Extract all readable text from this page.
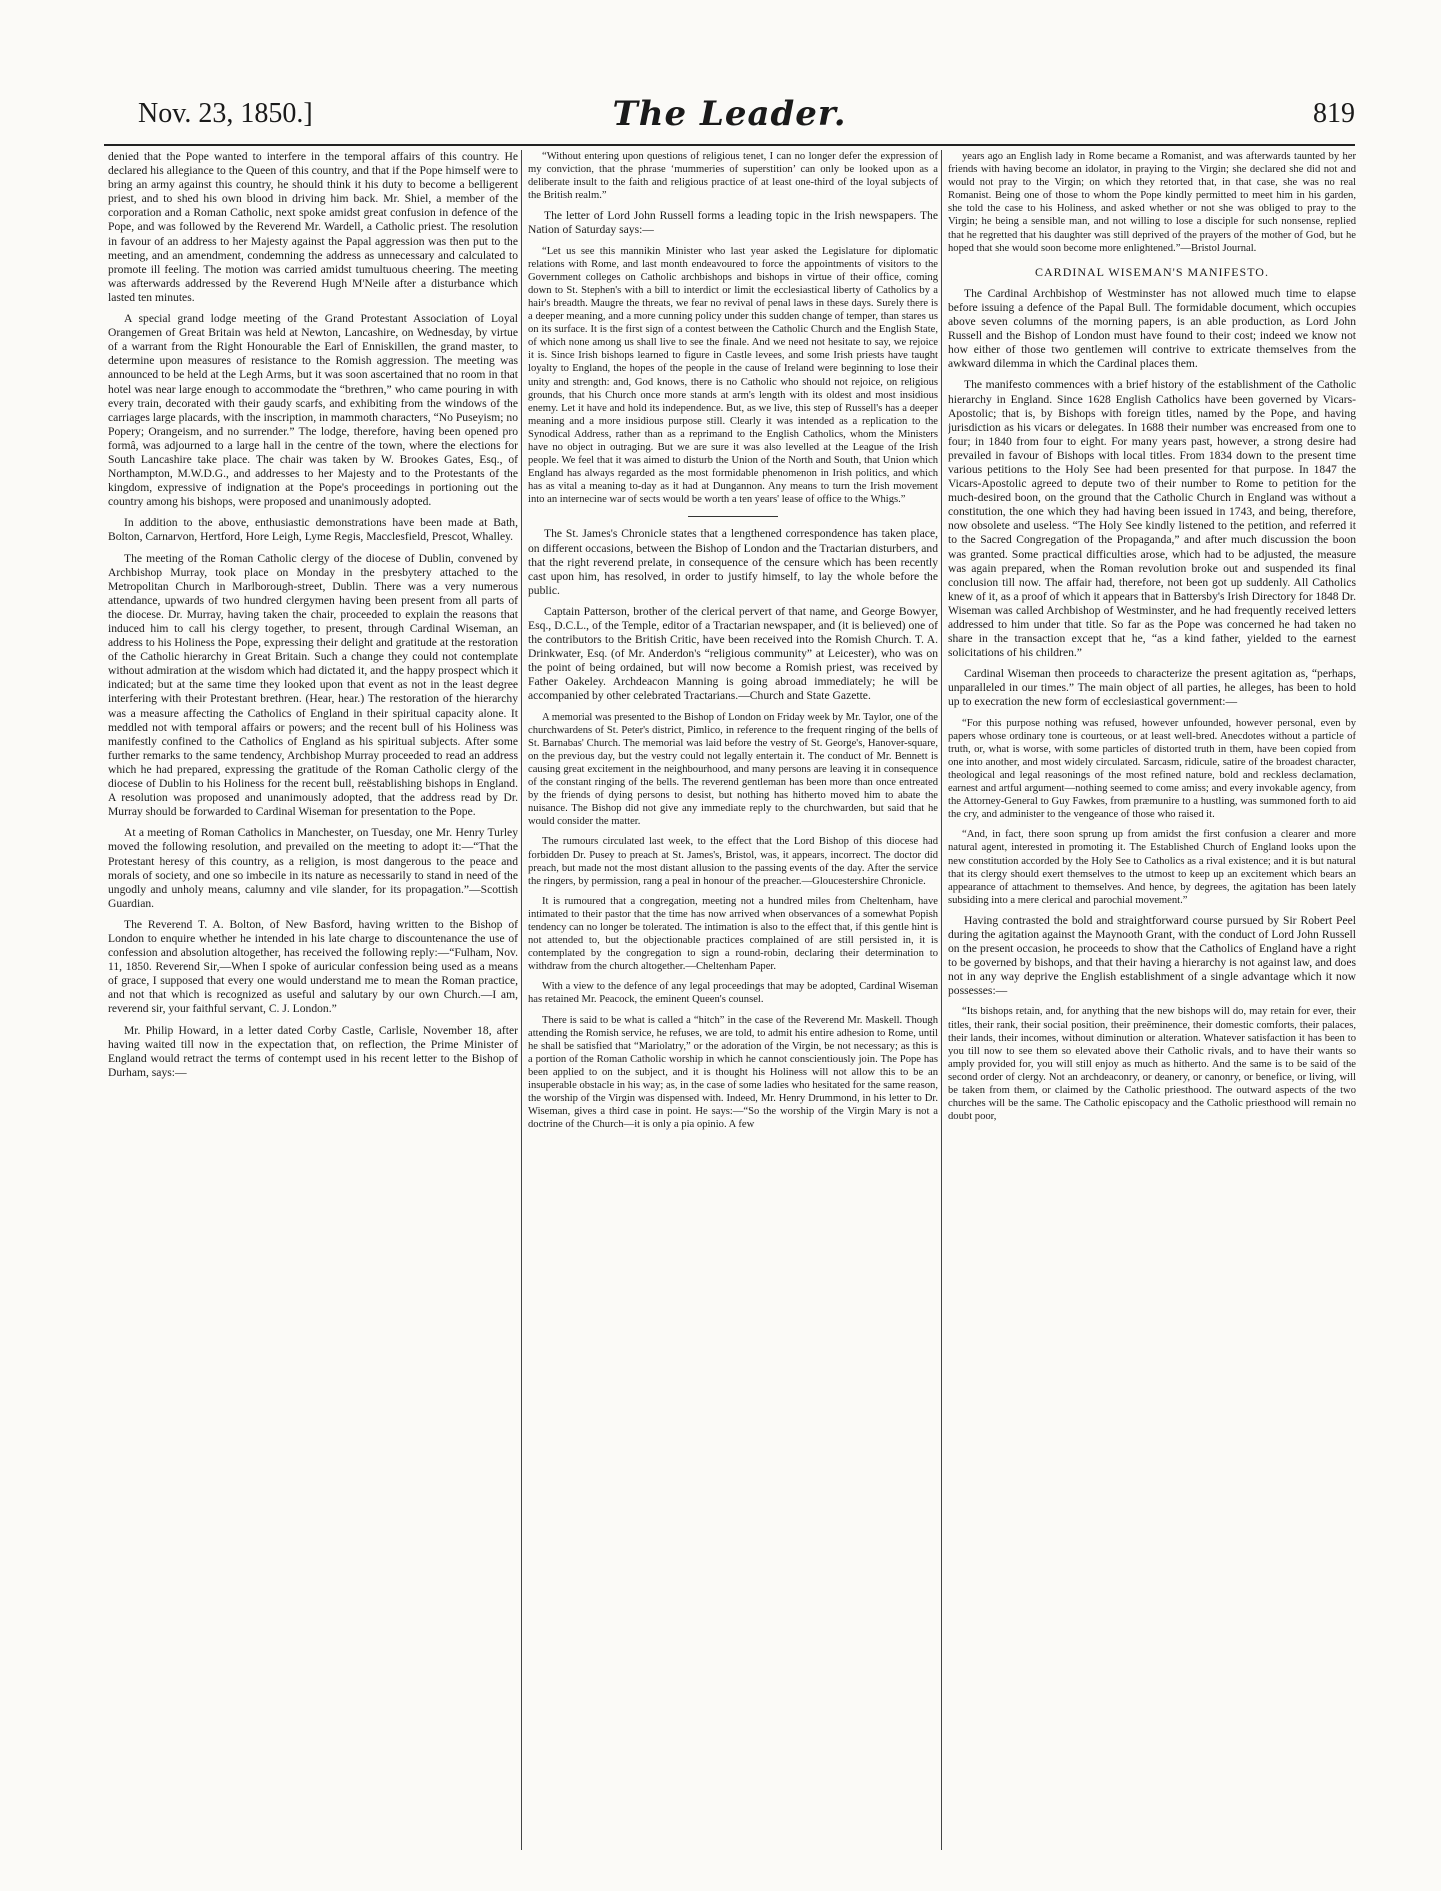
Nov. 23, 1850.]	The Leader.	819

denied that the Pope wanted to interfere in the temporal affairs of this country. He declared his allegiance to the Queen of this country, and that if the Pope himself were to bring an army against this country, he should think it his duty to become a belligerent priest, and to shed his own blood in driving him back. Mr. Shiel, a member of the corporation and a Roman Catholic, next spoke amidst great confusion in defence of the Pope, and was followed by the Reverend Mr. Wardell, a Catholic priest. The resolution in favour of an address to her Majesty against the Papal aggression was then put to the meeting, and an amendment, condemning the address as unnecessary and calculated to promote ill feeling. The motion was carried amidst tumultuous cheering. The meeting was afterwards addressed by the Reverend Hugh M'Neile after a disturbance which lasted ten minutes.

A special grand lodge meeting of the Grand Protestant Association of Loyal Orangemen of Great Britain was held at Newton, Lancashire, on Wednesday, by virtue of a warrant from the Right Honourable the Earl of Enniskillen, the grand master, to determine upon measures of resistance to the Romish aggression. The meeting was announced to be held at the Legh Arms, but it was soon ascertained that no room in that hotel was near large enough to accommodate the “brethren,” who came pouring in with every train, decorated with their gaudy scarfs, and exhibiting from the windows of the carriages large placards, with the inscription, in mammoth characters, “No Puseyism; no Popery; Orangeism, and no surrender.” The lodge, therefore, having been opened pro formâ, was adjourned to a large hall in the centre of the town, where the elections for South Lancashire take place. The chair was taken by W. Brookes Gates, Esq., of Northampton, M.W.D.G., and addresses to her Majesty and to the Protestants of the kingdom, expressive of indignation at the Pope's proceedings in portioning out the country among his bishops, were proposed and unanimously adopted.

In addition to the above, enthusiastic demonstrations have been made at Bath, Bolton, Carnarvon, Hertford, Hore Leigh, Lyme Regis, Macclesfield, Prescot, Whalley.

The meeting of the Roman Catholic clergy of the diocese of Dublin, convened by Archbishop Murray, took place on Monday in the presbytery attached to the Metropolitan Church in Marlborough-street, Dublin. There was a very numerous attendance, upwards of two hundred clergymen having been present from all parts of the diocese. Dr. Murray, having taken the chair, proceeded to explain the reasons that induced him to call his clergy together, to present, through Cardinal Wiseman, an address to his Holiness the Pope, expressing their delight and gratitude at the restoration of the Catholic hierarchy in Great Britain. Such a change they could not contemplate without admiration at the wisdom which had dictated it, and the happy prospect which it indicated; but at the same time they looked upon that event as not in the least degree interfering with their Protestant brethren. (Hear, hear.) The restoration of the hierarchy was a measure affecting the Catholics of England in their spiritual capacity alone. It meddled not with temporal affairs or powers; and the recent bull of his Holiness was manifestly confined to the Catholics of England as his spiritual subjects. After some further remarks to the same tendency, Archbishop Murray proceeded to read an address which he had prepared, expressing the gratitude of the Roman Catholic clergy of the diocese of Dublin to his Holiness for the recent bull, reëstablishing bishops in England. A resolution was proposed and unanimously adopted, that the address read by Dr. Murray should be forwarded to Cardinal Wiseman for presentation to the Pope.

At a meeting of Roman Catholics in Manchester, on Tuesday, one Mr. Henry Turley moved the following resolution, and prevailed on the meeting to adopt it:—“That the Protestant heresy of this country, as a religion, is most dangerous to the peace and morals of society, and one so imbecile in its nature as necessarily to stand in need of the ungodly and unholy means, calumny and vile slander, for its propagation.”—Scottish Guardian.

The Reverend T. A. Bolton, of New Basford, having written to the Bishop of London to enquire whether he intended in his late charge to discountenance the use of confession and absolution altogether, has received the following reply:—“Fulham, Nov. 11, 1850. Reverend Sir,—When I spoke of auricular confession being used as a means of grace, I supposed that every one would understand me to mean the Roman practice, and not that which is recognized as useful and salutary by our own Church.—I am, reverend sir, your faithful servant, C. J. London.”

Mr. Philip Howard, in a letter dated Corby Castle, Carlisle, November 18, after having waited till now in the expectation that, on reflection, the Prime Minister of England would retract the terms of contempt used in his recent letter to the Bishop of Durham, says:—

“Without entering upon questions of religious tenet, I can no longer defer the expression of my conviction, that the phrase ‘mummeries of superstition’ can only be looked upon as a deliberate insult to the faith and religious practice of at least one-third of the loyal subjects of the British realm.”

The letter of Lord John Russell forms a leading topic in the Irish newspapers. The Nation of Saturday says:—

“Let us see this mannikin Minister who last year asked the Legislature for diplomatic relations with Rome, and last month endeavoured to force the appointments of visitors to the Government colleges on Catholic archbishops and bishops in virtue of their office, coming down to St. Stephen's with a bill to interdict or limit the ecclesiastical liberty of Catholics by a hair's breadth. Maugre the threats, we fear no revival of penal laws in these days. Surely there is a deeper meaning, and a more cunning policy under this sudden change of temper, than stares us on its surface. It is the first sign of a contest between the Catholic Church and the English State, of which none among us shall live to see the finale. And we need not hesitate to say, we rejoice it is. Since Irish bishops learned to figure in Castle levees, and some Irish priests have taught loyalty to England, the hopes of the people in the cause of Ireland were beginning to lose their unity and strength: and, God knows, there is no Catholic who should not rejoice, on religious grounds, that his Church once more stands at arm's length with its oldest and most insidious enemy. Let it have and hold its independence. But, as we live, this step of Russell's has a deeper meaning and a more insidious purpose still. Clearly it was intended as a replication to the Synodical Address, rather than as a reprimand to the English Catholics, whom the Ministers have no object in outraging. But we are sure it was also levelled at the League of the Irish people. We feel that it was aimed to disturb the Union of the North and South, that Union which England has always regarded as the most formidable phenomenon in Irish politics, and which has as vital a meaning to-day as it had at Dungannon. Any means to turn the Irish movement into an internecine war of sects would be worth a ten years' lease of office to the Whigs.”

The St. James's Chronicle states that a lengthened correspondence has taken place, on different occasions, between the Bishop of London and the Tractarian disturbers, and that the right reverend prelate, in consequence of the censure which has been recently cast upon him, has resolved, in order to justify himself, to lay the whole before the public.

Captain Patterson, brother of the clerical pervert of that name, and George Bowyer, Esq., D.C.L., of the Temple, editor of a Tractarian newspaper, and (it is believed) one of the contributors to the British Critic, have been received into the Romish Church. T. A. Drinkwater, Esq. (of Mr. Anderdon's “religious community” at Leicester), who was on the point of being ordained, but will now become a Romish priest, was received by Father Oakeley. Archdeacon Manning is going abroad immediately; he will be accompanied by other celebrated Tractarians.—Church and State Gazette.

A memorial was presented to the Bishop of London on Friday week by Mr. Taylor, one of the churchwardens of St. Peter's district, Pimlico, in reference to the frequent ringing of the bells of St. Barnabas' Church. The memorial was laid before the vestry of St. George's, Hanover-square, on the previous day, but the vestry could not legally entertain it. The conduct of Mr. Bennett is causing great excitement in the neighbourhood, and many persons are leaving it in consequence of the constant ringing of the bells. The reverend gentleman has been more than once entreated by the friends of dying persons to desist, but nothing has hitherto moved him to abate the nuisance. The Bishop did not give any immediate reply to the churchwarden, but said that he would consider the matter.
The rumours circulated last week, to the effect that the Lord Bishop of this diocese had forbidden Dr. Pusey to preach at St. James's, Bristol, was, it appears, incorrect. The doctor did preach, but made not the most distant allusion to the passing events of the day. After the service the ringers, by permission, rang a peal in honour of the preacher.—Gloucestershire Chronicle.
It is rumoured that a congregation, meeting not a hundred miles from Cheltenham, have intimated to their pastor that the time has now arrived when observances of a somewhat Popish tendency can no longer be tolerated. The intimation is also to the effect that, if this gentle hint is not attended to, but the objectionable practices complained of are still persisted in, it is contemplated by the congregation to sign a round-robin, declaring their determination to withdraw from the church altogether.—Cheltenham Paper.
With a view to the defence of any legal proceedings that may be adopted, Cardinal Wiseman has retained Mr. Peacock, the eminent Queen's counsel.
There is said to be what is called a “hitch” in the case of the Reverend Mr. Maskell. Though attending the Romish service, he refuses, we are told, to admit his entire adhesion to Rome, until he shall be satisfied that “Mariolatry,” or the adoration of the Virgin, be not necessary; as this is a portion of the Roman Catholic worship in which he cannot conscientiously join. The Pope has been applied to on the subject, and it is thought his Holiness will not allow this to be an insuperable obstacle in his way; as, in the case of some ladies who hesitated for the same reason, the worship of the Virgin was dispensed with. Indeed, Mr. Henry Drummond, in his letter to Dr. Wiseman, gives a third case in point. He says:—“So the worship of the Virgin Mary is not a doctrine of the Church—it is only a pia opinio. A few
years ago an English lady in Rome became a Romanist, and was afterwards taunted by her friends with having become an idolator, in praying to the Virgin; she declared she did not and would not pray to the Virgin; on which they retorted that, in that case, she was no real Romanist. Being one of those to whom the Pope kindly permitted to meet him in his garden, she told the case to his Holiness, and asked whether or not she was obliged to pray to the Virgin; he being a sensible man, and not willing to lose a disciple for such nonsense, replied that he regretted that his daughter was still deprived of the prayers of the mother of God, but he hoped that she would soon become more enlightened.”—Bristol Journal.
CARDINAL WISEMAN'S MANIFESTO.

The Cardinal Archbishop of Westminster has not allowed much time to elapse before issuing a defence of the Papal Bull. The formidable document, which occupies above seven columns of the morning papers, is an able production, as Lord John Russell and the Bishop of London must have found to their cost; indeed we know not how either of those two gentlemen will contrive to extricate themselves from the awkward dilemma in which the Cardinal places them.

The manifesto commences with a brief history of the establishment of the Catholic hierarchy in England. Since 1628 English Catholics have been governed by Vicars-Apostolic; that is, by Bishops with foreign titles, named by the Pope, and having jurisdiction as his vicars or delegates. In 1688 their number was encreased from one to four; in 1840 from four to eight. For many years past, however, a strong desire had prevailed in favour of Bishops with local titles. From 1834 down to the present time various petitions to the Holy See had been presented for that purpose. In 1847 the Vicars-Apostolic agreed to depute two of their number to Rome to petition for the much-desired boon, on the ground that the Catholic Church in England was without a constitution, the one which they had having been issued in 1743, and being, therefore, now obsolete and useless. “The Holy See kindly listened to the petition, and referred it to the Sacred Congregation of the Propaganda,” and after much discussion the boon was granted. Some practical difficulties arose, which had to be adjusted, the measure was again prepared, when the Roman revolution broke out and suspended its final conclusion till now. The affair had, therefore, not been got up suddenly. All Catholics knew of it, as a proof of which it appears that in Battersby's Irish Directory for 1848 Dr. Wiseman was called Archbishop of Westminster, and he had frequently received letters addressed to him under that title. So far as the Pope was concerned he had taken no share in the transaction except that he, “as a kind father, yielded to the earnest solicitations of his children.”

Cardinal Wiseman then proceeds to characterize the present agitation as, “perhaps, unparalleled in our times.” The main object of all parties, he alleges, has been to hold up to execration the new form of ecclesiastical government:—

“For this purpose nothing was refused, however unfounded, however personal, even by papers whose ordinary tone is courteous, or at least well-bred. Anecdotes without a particle of truth, or, what is worse, with some particles of distorted truth in them, have been copied from one into another, and most widely circulated. Sarcasm, ridicule, satire of the broadest character, theological and legal reasonings of the most refined nature, bold and reckless declamation, earnest and artful argument—nothing seemed to come amiss; and every invokable agency, from the Attorney-General to Guy Fawkes, from præmunire to a hustling, was summoned forth to aid the cry, and administer to the vengeance of those who raised it.
“And, in fact, there soon sprung up from amidst the first confusion a clearer and more natural agent, interested in promoting it. The Established Church of England looks upon the new constitution accorded by the Holy See to Catholics as a rival existence; and it is but natural that its clergy should exert themselves to the utmost to keep up an excitement which bears an appearance of attachment to themselves. And hence, by degrees, the agitation has been lately subsiding into a mere clerical and parochial movement.”

Having contrasted the bold and straightforward course pursued by Sir Robert Peel during the agitation against the Maynooth Grant, with the conduct of Lord John Russell on the present occasion, he proceeds to show that the Catholics of England have a right to be governed by bishops, and that their having a hierarchy is not against law, and does not in any way deprive the English establishment of a single advantage which it now possesses:—

“Its bishops retain, and, for anything that the new bishops will do, may retain for ever, their titles, their rank, their social position, their preëminence, their domestic comforts, their palaces, their lands, their incomes, without diminution or alteration. Whatever satisfaction it has been to you till now to see them so elevated above their Catholic rivals, and to have their wants so amply provided for, you will still enjoy as much as hitherto. And the same is to be said of the second order of clergy. Not an archdeaconry, or deanery, or canonry, or benefice, or living, will be taken from them, or claimed by the Catholic priesthood. The outward aspects of the two churches will be the same. The Catholic episcopacy and the Catholic priesthood will remain no doubt poor,
